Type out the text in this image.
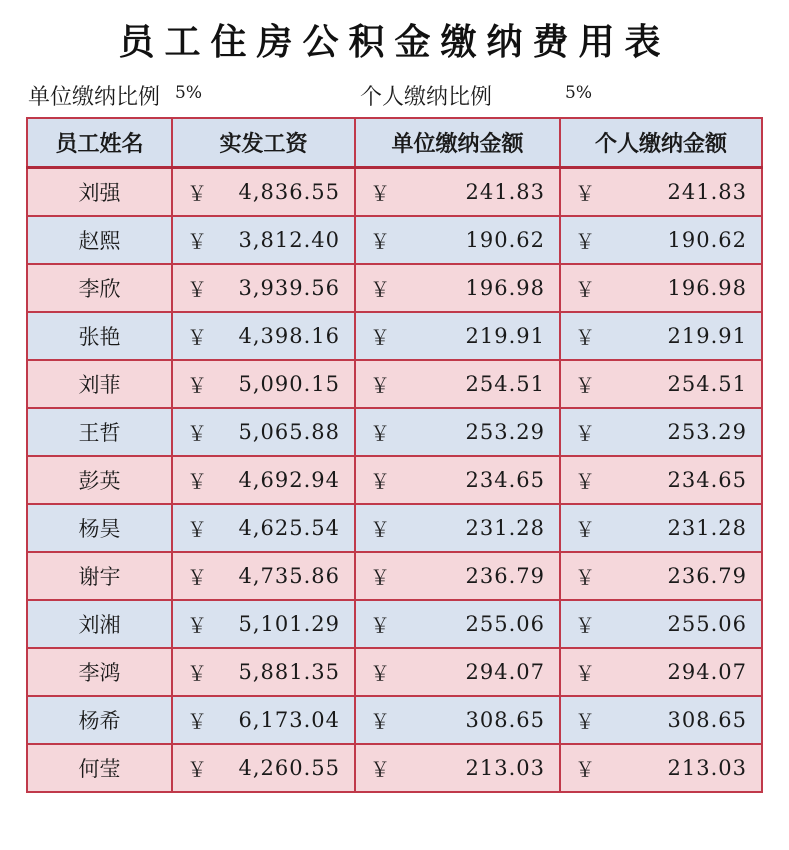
员工住房公积金缴纳费用表
单位缴纳比例 5%	个人缴纳比例	5%
员工姓名	实发工资	单位缴纳金额	个人缴纳金额
刘强	￥ 4,836.55	￥ 241.83	￥ 241.83

赵熙	￥ 3,812.40	￥ 190.62	￥ 190.62

李欣	￥ 3,939.56	￥ 196.98	￥ 196.98

张艳	￥ 4,398.16	￥ 219.91	￥ 219.91

刘菲	￥ 5,090.15	￥ 254.51	￥ 254.51

王哲	￥ 5,065.88	￥ 253.29	￥ 253.29

彭英	￥ 4,692.94	￥ 234.65	￥ 234.65

杨昊	￥ 4,625.54	￥ 231.28	￥ 231.28

谢宇	￥ 4,735.86	￥ 236.79	￥ 236.79

刘湘	￥ 5,101.29	￥ 255.06	￥ 255.06

李鸿	￥ 5,881.35	￥ 294.07	￥ 294.07

杨希	￥ 6,173.04	￥ 308.65	￥ 308.65

何莹	￥ 4,260.55	￥ 213.03	￥ 213.03
